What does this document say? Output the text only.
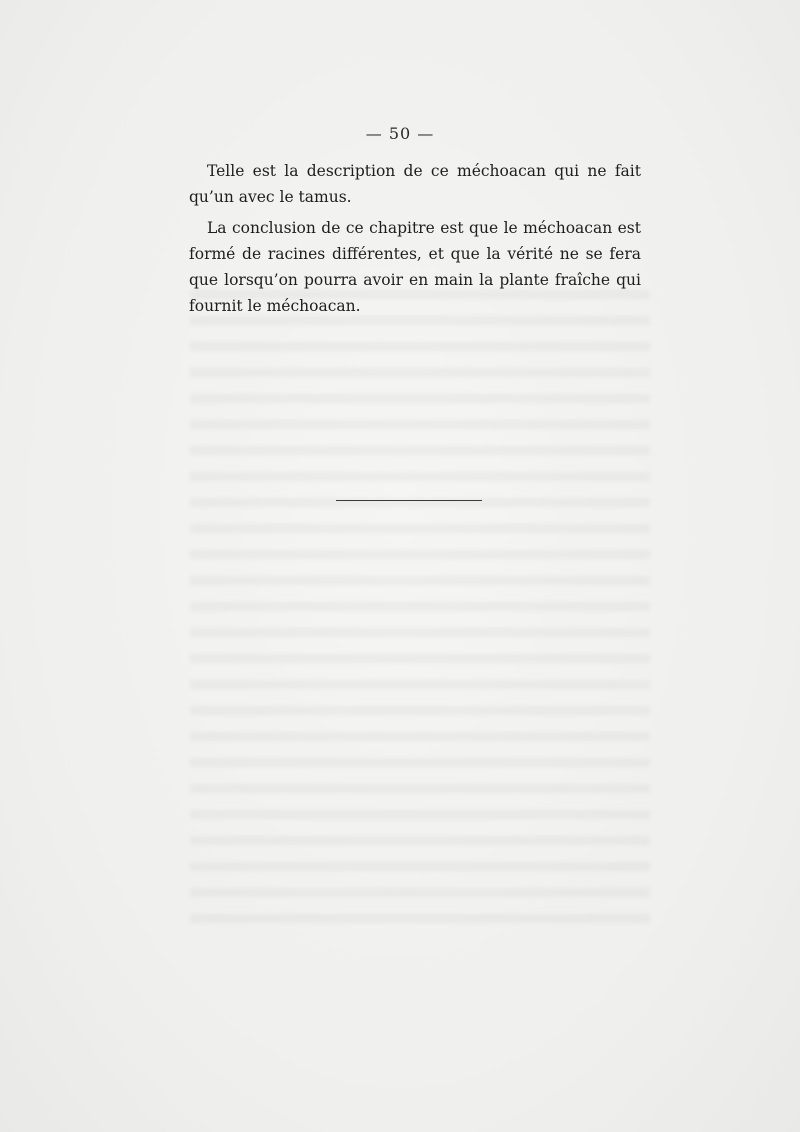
— 50 —

Telle est la description de ce méchoacan qui ne fait qu’un avec le tamus.

La conclusion de ce chapitre est que le méchoacan est formé de racines différentes, et que la vérité ne se fera que lorsqu’on pourra avoir en main la plante fraîche qui fournit le méchoacan.
